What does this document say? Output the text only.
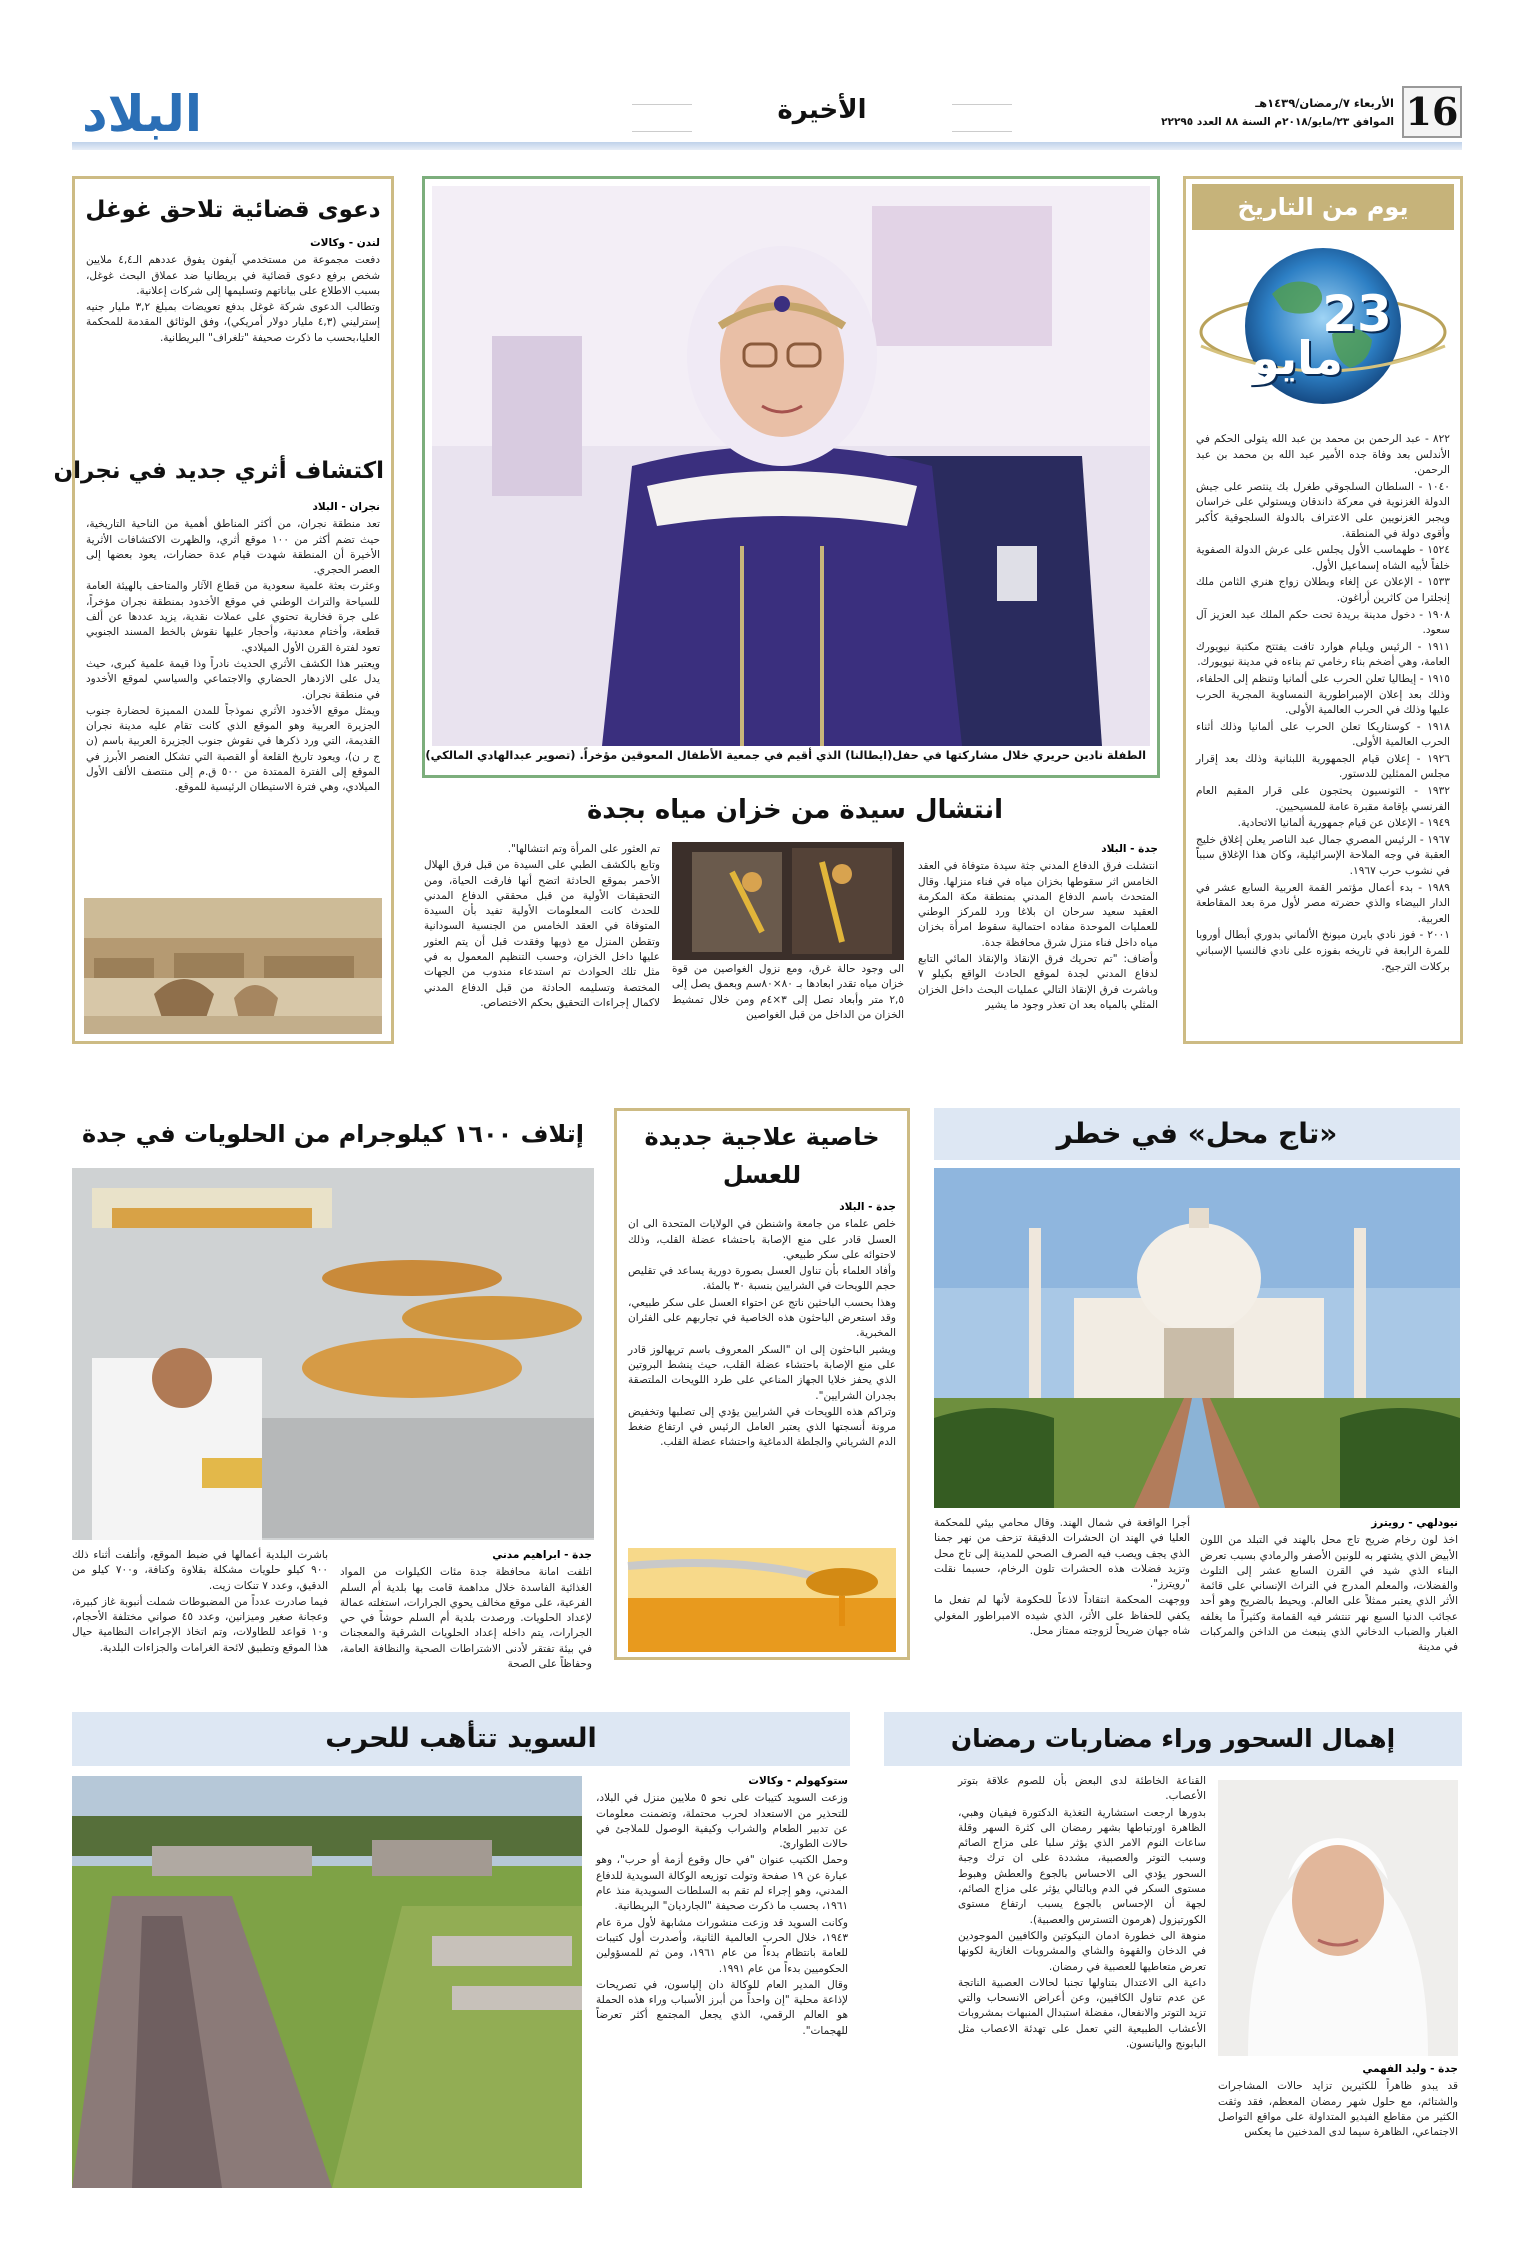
البلاد	الأخيرة	الأربعاء ٧/رمضان/١٤٣٩هـ
الموافق ٢٣/مايو/٢٠١٨م السنة ٨٨ العدد ٢٢٢٩٥ 16
يوم من التاريخ
23
مايو

٨٢٢ - عبد الرحمن بن محمد بن عبد الله يتولى الحكم في الأندلس بعد وفاة جده الأمير عبد الله بن محمد بن عبد الرحمن.

١٠٤٠ - السلطان السلجوقي طغرل بك ينتصر على جيش الدولة الغزنوية في معركة داندقان ويستولي على خراسان ويجبر الغزنويين على الاعتراف بالدولة السلجوقية كأكبر وأقوى دولة في المنطقة.

١٥٢٤ - طهماسب الأول يجلس على عرش الدولة الصفوية خلفاً لأبيه الشاه إسماعيل الأول.

١٥٣٣ - الإعلان عن إلغاء وبطلان زواج هنري الثامن ملك إنجلترا من كاثرين أراغون.

١٩٠٨ - دخول مدينة بريدة تحت حكم الملك عبد العزيز آل سعود.

١٩١١ - الرئيس ويليام هوارد تافت يفتتح مكتبة نيويورك العامة، وهي أضخم بناء رخامي تم بناءه في مدينة نيويورك.

١٩١٥ - إيطاليا تعلن الحرب على ألمانيا وتنظم إلى الحلفاء، وذلك بعد إعلان الإمبراطورية النمساوية المجرية الحرب عليها وذلك في الحرب العالمية الأولى.

١٩١٨ - كوستاريكا تعلن الحرب على ألمانيا وذلك أثناء الحرب العالمية الأولى.

١٩٢٦ - إعلان قيام الجمهورية اللبنانية وذلك بعد إقرار مجلس الممثلين للدستور.

١٩٣٢ - التونسيون يحتجون على قرار المقيم العام الفرنسي بإقامة مقبرة عامة للمسيحيين.

١٩٤٩ - الإعلان عن قيام جمهورية ألمانيا الاتحادية.

١٩٦٧ - الرئيس المصري جمال عبد الناصر يعلن إغلاق خليج العقبة في وجه الملاحة الإسرائيلية، وكان هذا الإغلاق سبباً في نشوب حرب ١٩٦٧.

١٩٨٩ - بدء أعمال مؤتمر القمة العربية السابع عشر في الدار البيضاء والذي حضرته مصر لأول مرة بعد المقاطعة العربية.

٢٠٠١ - فوز نادي بايرن ميونخ الألماني بدوري أبطال أوروبا للمرة الرابعة في تاريخه بفوزه على نادي فالنسيا الإسباني بركلات الترجيح.

الطفلة نادين حريري خلال مشاركتها في حفل(ايطالنا) الذي أقيم في جمعية الأطفال المعوقين مؤخراً. (تصوير عبدالهادي المالكي)
دعوى قضائية تلاحق غوغل

لندن - وكالات

دفعت مجموعة من مستخدمي آيفون يفوق عددهم الـ٤,٤ ملايين شخص برفع دعوى قضائية في بريطانيا ضد عملاق البحث غوغل، بسبب الاطلاع على بياناتهم وتسليمها إلى شركات إعلانية.

وتطالب الدعوى شركة غوغل بدفع تعويضات بمبلغ ٣,٢ مليار جنيه إسترليني (٤,٣ مليار دولار أمريكي)، وفق الوثائق المقدمة للمحكمة العليا،بحسب ما ذكرت صحيفة "تلغراف" البريطانية.

اكتشاف أثري جديد في نجران

نجران - البلاد

تعد منطقة نجران، من أكثر المناطق أهمية من الناحية التاريخية، حيث تضم أكثر من ١٠٠ موقع أثري، والظهرت الاكتشافات الأثرية الأخيرة أن المنطقة شهدت قيام عدة حضارات، يعود بعضها إلى العصر الحجري.

وعثرت بعثة علمية سعودية من قطاع الآثار والمتاحف بالهيئة العامة للسياحة والتراث الوطني في موقع الأخدود بمنطقة نجران مؤخراً، على جرة فخارية تحتوي على عملات نقدية، يزيد عددها عن ألف قطعة، وأختام معدنية، وأحجار عليها نقوش بالخط المسند الجنوبي تعود لفترة القرن الأول الميلادي.

ويعتبر هذا الكشف الأثري الحديث نادراً وذا قيمة علمية كبرى، حيث يدل على الازدهار الحضاري والاجتماعي والسياسي لموقع الأخدود في منطقة نجران.

ويمثل موقع الأخدود الأثري نموذجاً للمدن المميزة لحضارة جنوب الجزيرة العربية وهو الموقع الذي كانت تقام عليه مدينة نجران القديمة، التي ورد ذكرها في نقوش جنوب الجزيرة العربية باسم (ن ج ر ن)، ويعود تاريخ القلعة أو القصبة التي تشكل العنصر الأبرز في الموقع إلى الفترة الممتدة من ٥٠٠ ق.م إلى منتصف الألف الأول الميلادي، وهي فترة الاستيطان الرئيسية للموقع.

انتشال سيدة من خزان مياه بجدة

جدة - البلاد

انتشلت فرق الدفاع المدني جثة سيدة متوفاة في العقد الخامس اثر سقوطها بخزان مياه في فناء منزلها. وقال المتحدث باسم الدفاع المدني بمنطقة مكة المكرمة العقيد سعيد سرحان ان بلاغا ورد للمركز الوطني للعمليات الموحدة مفاده احتمالية سقوط امرأة بخزان مياه داخل فناء منزل شرق محافظة جدة.

وأضاف: "تم تحريك فرق الإنقاذ والإنقاذ المائي التابع لدفاع المدني لجدة لموقع الحادث الواقع بكيلو ٧ وباشرت فرق الإنقاذ التالي عمليات البحث داخل الخزان المثلي بالمياه بعد ان تعذر وجود ما يشير

الى وجود حالة غرق، ومع نزول الغواصين من قوة خزان مياه تقدر ابعادها بـ ٨٠×٨٠سم وبعمق يصل إلى ٢,٥ متر وأبعاد تصل إلى ٣×٤م ومن خلال تمشيط الخزان من الداخل من قبل الغواصين

تم العثور على المرأة وتم انتشالها".

وتابع بالكشف الطبي على السيدة من قبل فرق الهلال الأحمر بموقع الحادثة اتضح أنها فارقت الحياة، ومن التحقيقات الأولية من قبل محققي الدفاع المدني للحدث كانت المعلومات الأولية تفيد بأن السيدة المتوفاة في العقد الخامس من الجنسية السودانية وتقطن المنزل مع ذويها وفقدت قبل أن يتم العثور عليها داخل الخزان، وحسب التنظيم المعمول به في مثل تلك الحوادث تم استدعاء مندوب من الجهات المختصة وتسليمه الحادثة من قبل الدفاع المدني لاكمال إجراءات التحقيق بحكم الاختصاص.

«تاج محل» في خطر

نيودلهي - رويترز

اخذ لون رخام ضريح تاج محل بالهند في التبلد من اللون الأبيض الذي يشتهر به للونين الأصفر والرمادي بسبب تعرض البناء الذي شيد في القرن السابع عشر إلى التلوث والفضلات، والمعلم المدرج في التراث الإنساني على قائمة الأثر الذي يعتبر ممثلاً على العالم. ويحيط بالضريح وهو أحد عجائب الدنيا السبع نهر تنتشر فيه القمامة وكثيراً ما يغلفه الغبار والضباب الدخاني الذي ينبعث من الداخن والمركبات في مدينة

أجرا الواقعة في شمال الهند. وقال محامي بيئي للمحكمة العليا في الهند ان الحشرات الدقيقة تزحف من نهر جمنا الذي يجف ويصب فيه الصرف الصحي للمدينة إلى تاج محل وتزيد فضلات هذه الحشرات تلون الرخام، حسبما نقلت "رويترز".

ووجهت المحكمة انتقاداً لاذعاً للحكومة لأنها لم تفعل ما يكفي للحفاظ على الأثر، الذي شيده الامبراطور المغولي شاه جهان ضريحاً لزوجته ممتاز محل.

خاصية علاجية جديدة للعسل

جدة - البلاد

خلص علماء من جامعة واشنطن في الولايات المتحدة الى ان العسل قادر على منع الإصابة باحتشاء عضلة القلب، وذلك لاحتوائه على سكر طبيعي.

وأفاد العلماء بأن تناول العسل بصورة دورية يساعد في تقليص حجم اللويحات في الشرايين بنسبة ٣٠ بالمئة.

وهذا بحسب الباحثين ناتج عن احتواء العسل على سكر طبيعي، وقد استعرض الباحثون هذه الخاصية في تجاربهم على الفئران المخبرية.

ويشير الباحثون إلى ان "السكر المعروف باسم تريهالوز قادر على منع الإصابة باحتشاء عضلة القلب، حيث ينشط البروتين الذي يحفز خلايا الجهاز المناعي على طرد اللويحات الملتصقة بجدران الشرايين".

وتراكم هذه اللويحات في الشرايين يؤدي إلى تصلبها وتخفيض مرونة أنسجتها الذي يعتبر العامل الرئيس في ارتفاع ضغط الدم الشرياني والجلطة الدماغية واحتشاء عضلة القلب.

إتلاف ١٦٠٠ كيلوجرام من الحلويات في جدة

جدة - ابراهيم مدني

اتلفت امانة محافظة جدة مئات الكيلوات من المواد الغذائية الفاسدة خلال مداهمة قامت بها بلدية أم السلم الفرعية، على موقع مخالف يحوي الجرارات، استغلته عمالة لإعداد الحلويات. ورصدت بلدية أم السلم حوشاً في حي الجرارات، يتم داخله إعداد الحلويات الشرقية والمعجنات في بيئة تفتقر لأدنى الاشتراطات الصحية والنظافة العامة، وحفاظاً على الصحة

باشرت البلدية أعمالها في ضبط الموقع، وأتلفت أثناء ذلك ٩٠٠ كيلو حلويات مشكلة بقلاوة وكنافة، و٧٠٠ كيلو من الدقيق، وعدد ٧ تنكات زيت.

فيما صادرت عدداً من المضبوطات شملت أنبوبة غاز كبيرة، وعجانة صغير وميزانين، وعدد ٤٥ صواني مختلفة الأحجام، و١٠ قواعد للطاولات، وتم اتخاذ الإجراءات النظامية حيال هذا الموقع وتطبيق لائحة الغرامات والجزاءات البلدية.

إهمال السحور وراء مضاربات رمضان

جدة - وليد الفهمي

قد يبدو ظاهراً للكثيرين تزايد حالات المشاجرات والشتائم، مع حلول شهر رمضان المعظم، فقد وثقت الكثير من مقاطع الفيديو المتداولة على مواقع التواصل الاجتماعي، الظاهرة سيما لدى المدخنين ما يعكس

القناعة الخاطئة لدى البعض بأن للصوم علاقة بتوتر الأعصاب.

بدورها ارجعت استشارية التغذية الدكتورة فيفيان وهبي، الظاهرة اورتباطها بشهر رمضان الى كثرة السهر وقلة ساعات النوم الامر الذي يؤثر سلبا على مزاج الصائم وسبب التوتر والعصبية، مشددة على ان ترك وجبة السحور يؤدي الى الاحساس بالجوع والعطش وهبوط مستوى السكر في الدم وبالتالي يؤثر على مزاج الصائم، لجهة أن الإحساس بالجوع يسبب ارتفاع مستوى الكورتيزول (هرمون التسترس والعصبية).

منوهة الى خطورة ادمان النيكوتين والكافيين الموجودين في الدخان والقهوة والشاي والمشروبات الغازية لكونها تعرض متعاطيها للعصبية في رمضان.

داعية الى الاعتدال بتناولها تجنبا لحالات العصبية الناتجة عن عدم تناول الكافيين، وعن أعراض الانسحاب والتي تزيد التوتر والانفعال، مفضلة استبدال المنبهات بمشروبات الأعشاب الطبيعية التي تعمل على تهدئة الاعصاب مثل البابونج واليانسون.

السويد تتأهب للحرب

ستوكهولم - وكالات

وزعت السويد كتيبات على نحو ٥ ملايين منزل في البلاد، للتحذير من الاستعداد لحرب محتملة، وتضمنت معلومات عن تدبير الطعام والشراب وكيفية الوصول للملاجئ في حالات الطوارئ.

وحمل الكتيب عنوان "في حال وقوع أزمة أو حرب"، وهو عبارة عن ١٩ صفحة وتولت توزيعه الوكالة السويدية للدفاع المدني، وهو إجراء لم تقم به السلطات السويدية منذ عام ١٩٦١، بحسب ما ذكرت صحيفة "الجارديان" البريطانية.

وكانت السويد قد وزعت منشورات مشابهة لأول مرة عام ١٩٤٣، خلال الحرب العالمية الثانية، وأصدرت أول كتيبات للعامة بانتظام بدءاً من عام ١٩٦١، ومن ثم للمسؤولين الحكوميين بدءاً من عام ١٩٩١.

وقال المدير العام للوكالة دان إلياسون، في تصريحات لإذاعة محلية "إن واحداً من أبرز الأسباب وراء هذه الحملة هو العالم الرقمي، الذي يجعل المجتمع أكثر تعرضاً للهجمات".
